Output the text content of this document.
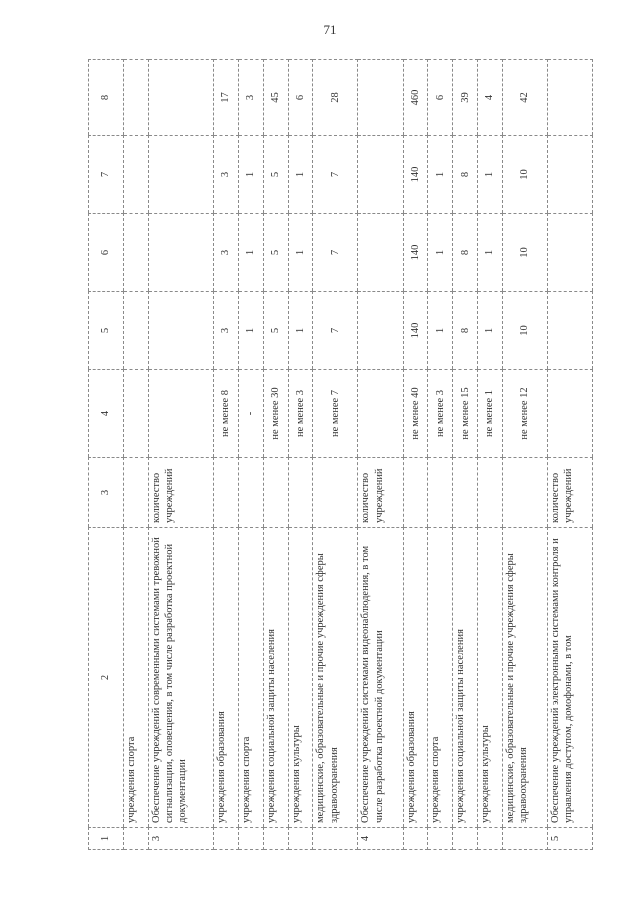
71
1	2	3	4	5	6	7	8
	учреждения спорта						
3	Обеспечение учреждений современными системами тревожной сигнализации, оповещения, в том числе разработка проектной документации	количество учреждений					
	учреждения образования		не менее 8	3	3	3	17
	учреждения спорта		-	1	1	1	3
	учреждения социальной защиты населения		не менее 30	5	5	5	45
	учреждения культуры		не менее 3	1	1	1	6
	медицинские, образовательные и прочие учреждения сферы здравоохранения		не менее 7	7	7	7	28
4	Обеспечение учреждений системами видеонаблюдения, в том числе разработка проектной документации	количество учреждений					
	учреждения образования		не менее 40	140	140	140	460
	учреждения спорта		не менее 3	1	1	1	6
	учреждения социальной защиты населения		не менее 15	8	8	8	39
	учреждения культуры		не менее 1	1	1	1	4
	медицинские, образовательные и прочие учреждения сферы здравоохранения		не менее 12	10	10	10	42
5	Обеспечение учреждений электронными системами контроля и управления доступом, домофонами, в том	количество учреждений					
